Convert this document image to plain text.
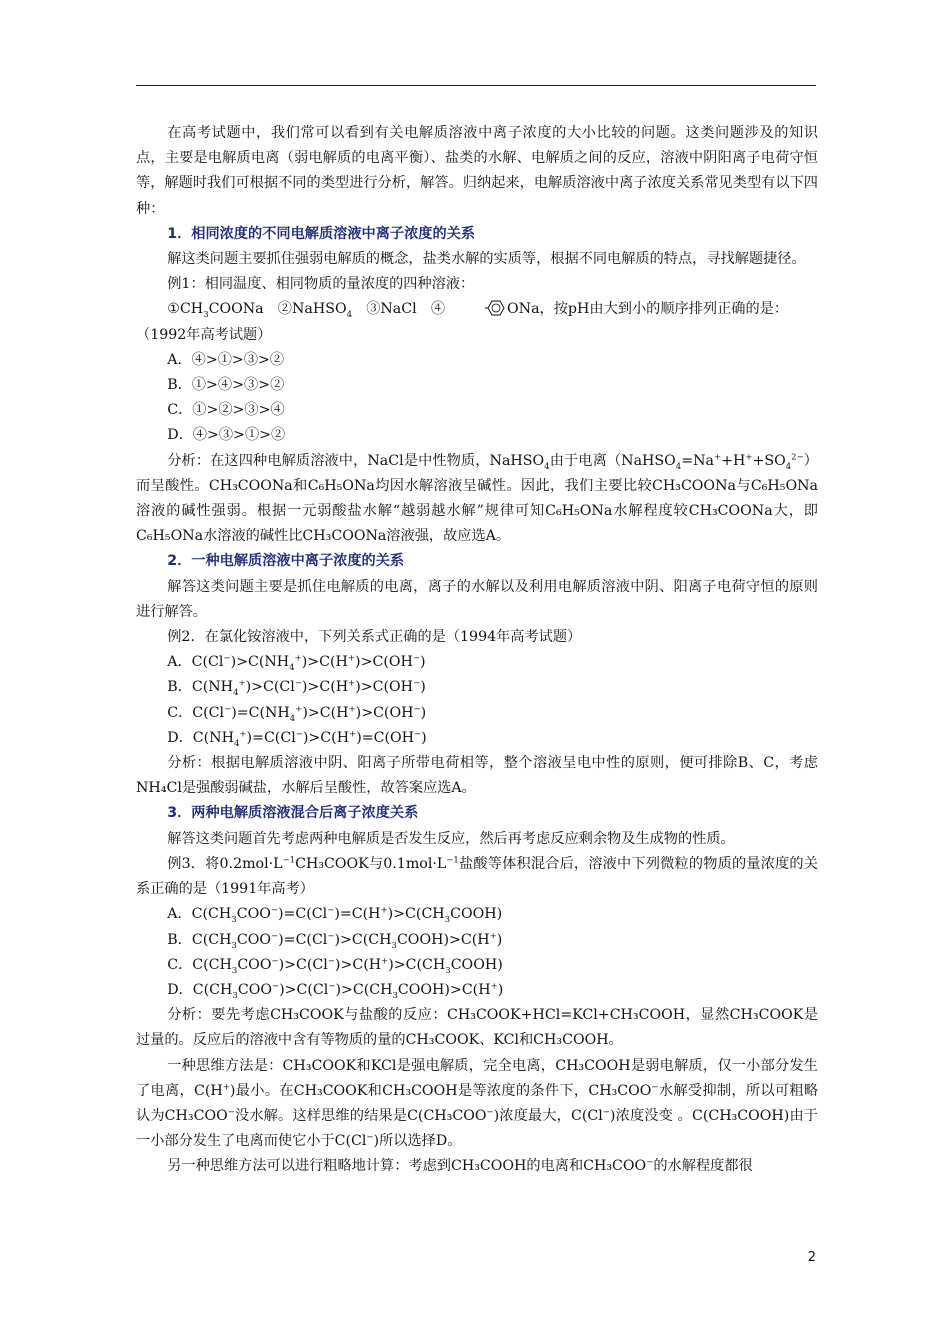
在高考试题中，我们常可以看到有关电解质溶液中离子浓度的大小比较的问题。这类问题涉及的知识点，主要是电解质电离（弱电解质的电离平衡）、盐类的水解、电解质之间的反应，溶液中阴阳离子电荷守恒等，解题时我们可根据不同的类型进行分析，解答。归纳起来，电解质溶液中离子浓度关系常见类型有以下四种：

1．相同浓度的不同电解质溶液中离子浓度的关系

解这类问题主要抓住强弱电解质的概念，盐类水解的实质等，根据不同电解质的特点，寻找解题捷径。

例1：相同温度、相同物质的量浓度的四种溶液：

$①CH_3COONa$　②NaHSO$_4$　③NaCl　④	ONa，按pH由大到小的顺序排列正确的是：（1992年高考试题）

A．④>①>③>②

B．①>④>③>②

C．①>②>③>④

D．④>③>①>②

分析：在这四种电解质溶液中，NaCl是中性物质，NaHSO$_4$由于电离$(NaHSO_4=Na^++H^++SO_4^{2-})$而呈酸性。CH₃COONa和C₆H₅ONa均因水解溶液呈碱性。因此，我们主要比较CH₃COONa与C₆H₅ONa溶液的碱性强弱。根据一元弱酸盐水解“越弱越水解”规律可知C₆H₅ONa水解程度较CH₃COONa大，即C₆H₅ONa水溶液的碱性比CH₃COONa溶液强，故应选A。

2．一种电解质溶液中离子浓度的关系

解答这类问题主要是抓住电解质的电离，离子的水解以及利用电解质溶液中阴、阳离子电荷守恒的原则进行解答。

例2．在氯化铵溶液中，下列关系式正确的是（1994年高考试题）

A．$C(Cl^-)>C(NH_4^+)>C(H^+)>C(OH^-)$

B．$C(NH_4^+)>C(Cl^-)>C(H^+)>C(OH^-)$

C．$C(Cl^-)=C(NH_4^+)>C(H^+)>C(OH^-)$

D．$C(NH_4^+)=C(Cl^-)>C(H^+)=C(OH^-)$

分析：根据电解质溶液中阴、阳离子所带电荷相等，整个溶液呈电中性的原则，便可排除B、C，考虑NH₄Cl是强酸弱碱盐，水解后呈酸性，故答案应选A。

3．两种电解质溶液混合后离子浓度关系

解答这类问题首先考虑两种电解质是否发生反应，然后再考虑反应剩余物及生成物的性质。

例3．将$0.2mol\cdot L^{-1}CH_3COOK$与$0.1mol\cdot L^{-1}$盐酸等体积混合后，溶液中下列微粒的物质的量浓度的关系正确的是（1991年高考）

A．$C(CH_3COO^-)=C(Cl^-)=C(H^+)>C(CH_3COOH)$

B．$C(CH_3COO^-)=C(Cl^-)>C(CH_3COOH)>C(H^+)$

C．$C(CH_3COO^-)>C(Cl^-)>C(H^+)>C(CH_3COOH)$

D．$C(CH_3COO^-)>C(Cl^-)>C(CH_3COOH)>C(H^+)$

分析：要先考虑CH₃COOK与盐酸的反应：CH₃COOK+HCl=KCl+CH₃COOH，显然CH₃COOK是过量的。反应后的溶液中含有等物质的量的CH₃COOK、KCl和CH₃COOH。

一种思维方法是：CH₃COOK和KCl是强电解质，完全电离，CH₃COOH是弱电解质，仅一小部分发生了电离，C(H+)最小。在CH₃COOK和CH₃COOH是等浓度的条件下，CH₃COO−水解受抑制，所以可粗略认为CH₃COO−没水解。这样思维的结果是C(CH₃COO−)浓度最大，C(Cl−)浓度没变 。C(CH₃COOH)由于一小部分发生了电离而使它小于C(Cl−)所以选择D。

另一种思维方法可以进行粗略地计算：考虑到CH₃COOH的电离和CH₃COO−的水解程度都很

2
